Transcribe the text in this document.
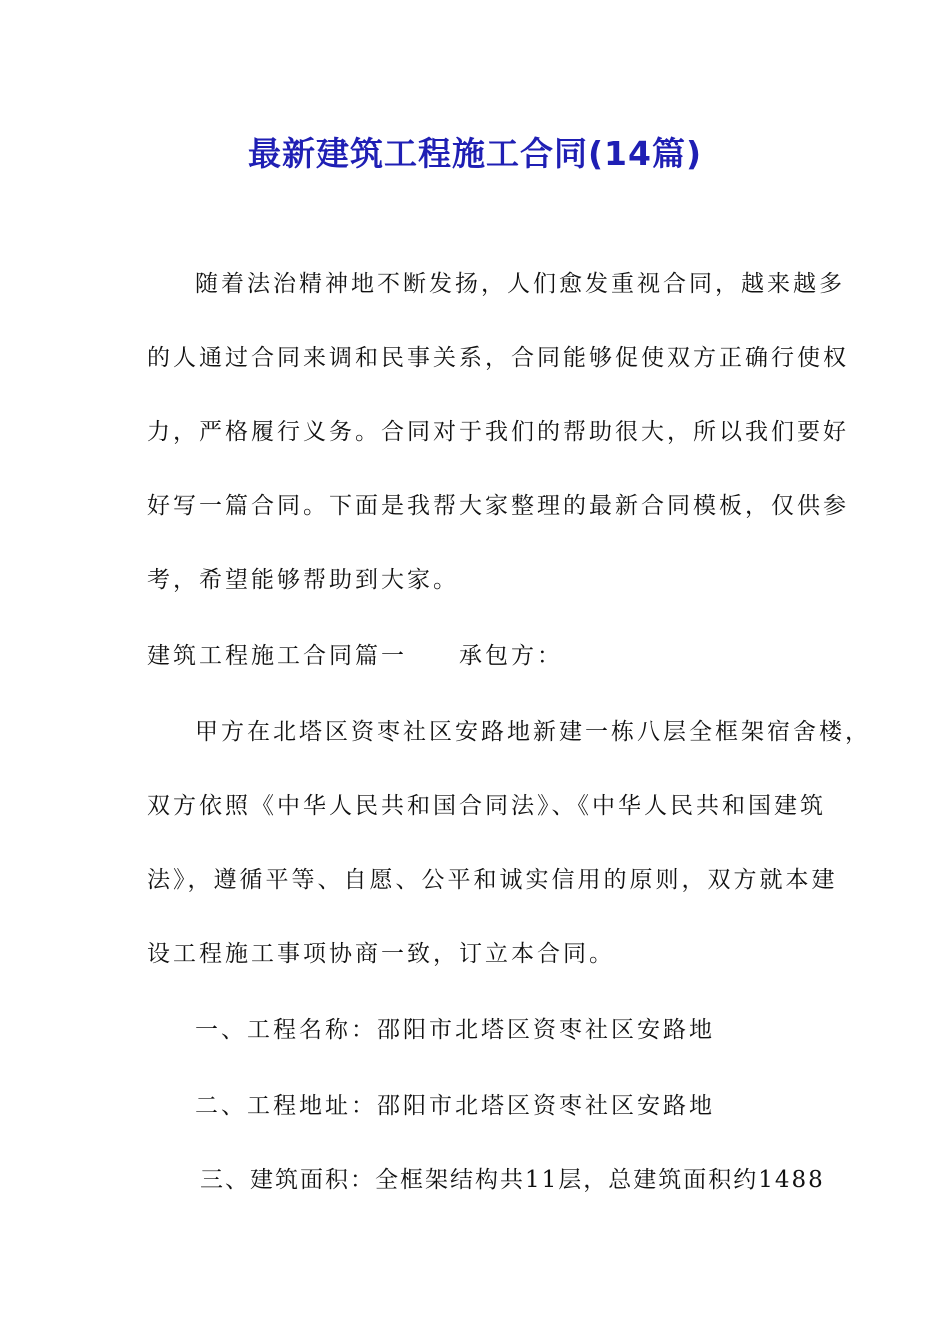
最新建筑工程施工合同(14篇)
随着法治精神地不断发扬，人们愈发重视合同，越来越多
的人通过合同来调和民事关系，合同能够促使双方正确行使权
力，严格履行义务。合同对于我们的帮助很大，所以我们要好
好写一篇合同。下面是我帮大家整理的最新合同模板，仅供参
考，希望能够帮助到大家。
建筑工程施工合同篇一　　承包方：
甲方在北塔区资枣社区安路地新建一栋八层全框架宿舍楼，
双方依照《中华人民共和国合同法》、《中华人民共和国建筑
法》，遵循平等、自愿、公平和诚实信用的原则，双方就本建
设工程施工事项协商一致，订立本合同。
一、工程名称：邵阳市北塔区资枣社区安路地
二、工程地址：邵阳市北塔区资枣社区安路地
三、建筑面积：全框架结构共11层，总建筑面积约1488
